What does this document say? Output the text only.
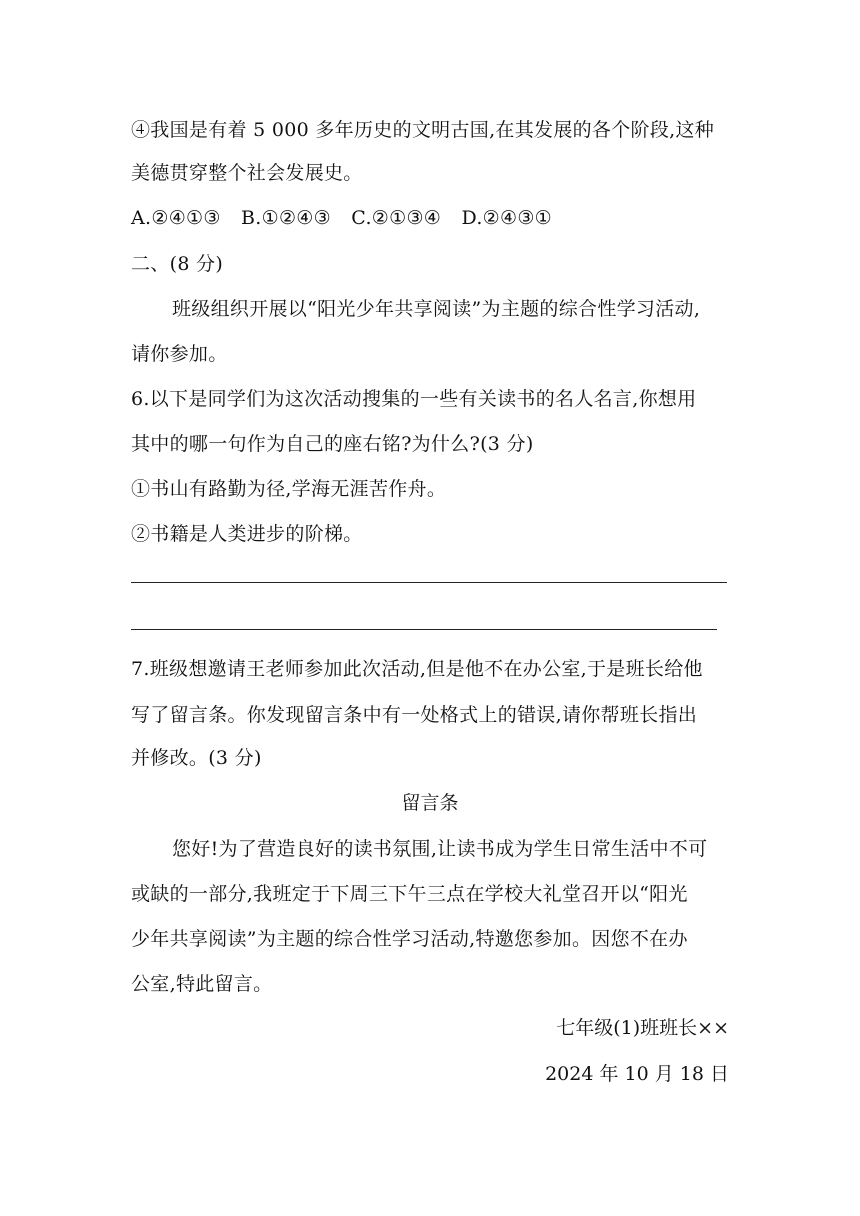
④我国是有着 5 000 多年历史的文明古国,在其发展的各个阶段,这种
美德贯穿整个社会发展史。
A.②④①③ B.①②④③ C.②①③④ D.②④③①
二、(8 分)
班级组织开展以“阳光少年共享阅读”为主题的综合性学习活动,
请你参加。
6.以下是同学们为这次活动搜集的一些有关读书的名人名言,你想用
其中的哪一句作为自己的座右铭?为什么?(3 分)
①书山有路勤为径,学海无涯苦作舟。
②书籍是人类进步的阶梯。
7.班级想邀请王老师参加此次活动,但是他不在办公室,于是班长给他
写了留言条。你发现留言条中有一处格式上的错误,请你帮班长指出
并修改。(3 分)
留言条
您好!为了营造良好的读书氛围,让读书成为学生日常生活中不可
或缺的一部分,我班定于下周三下午三点在学校大礼堂召开以“阳光
少年共享阅读”为主题的综合性学习活动,特邀您参加。因您不在办
公室,特此留言。
七年级(1)班班长××
2024 年 10 月 18 日
